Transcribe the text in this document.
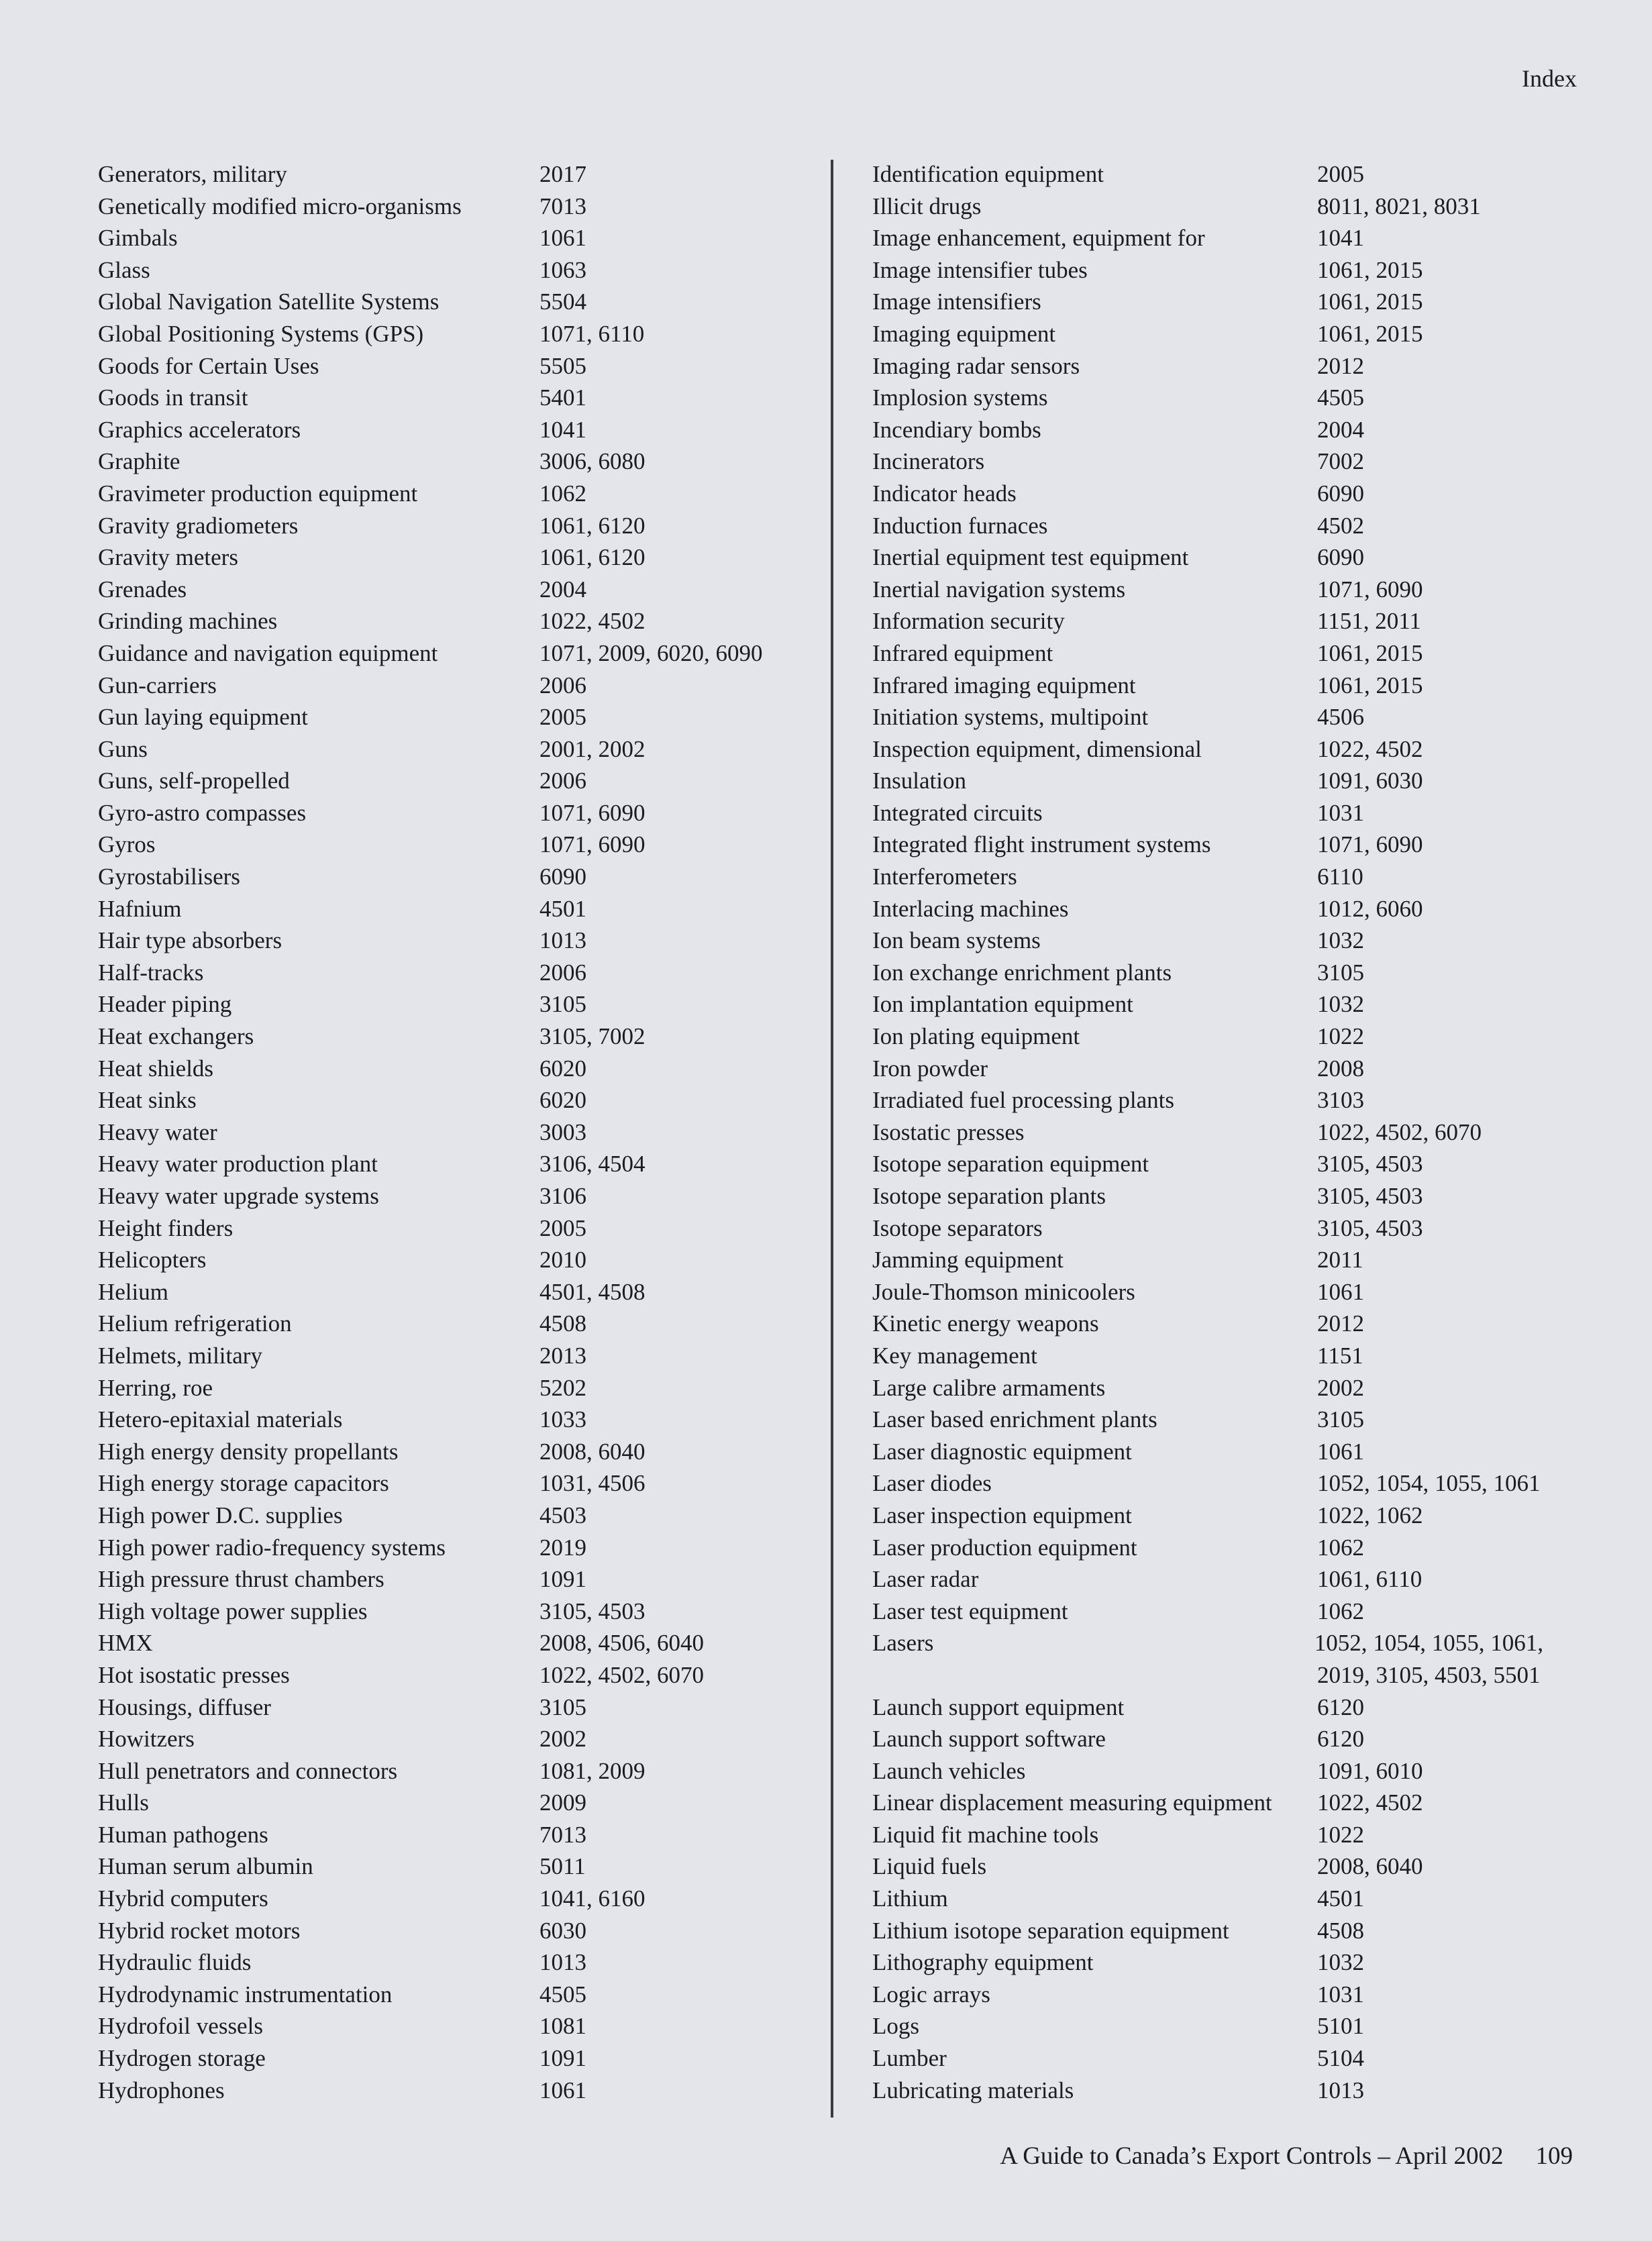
Index
Generators, military	2017
Genetically modified micro-organisms	7013
Gimbals	1061
Glass	1063
Global Navigation Satellite Systems	5504
Global Positioning Systems (GPS)	1071, 6110
Goods for Certain Uses	5505
Goods in transit	5401
Graphics accelerators	1041
Graphite	3006, 6080
Gravimeter production equipment	1062
Gravity gradiometers	1061, 6120
Gravity meters	1061, 6120
Grenades	2004
Grinding machines	1022, 4502
Guidance and navigation equipment	1071, 2009, 6020, 6090
Gun-carriers	2006
Gun laying equipment	2005
Guns	2001, 2002
Guns, self-propelled	2006
Gyro-astro compasses	1071, 6090
Gyros	1071, 6090
Gyrostabilisers	6090
Hafnium	4501
Hair type absorbers	1013
Half-tracks	2006
Header piping	3105
Heat exchangers	3105, 7002
Heat shields	6020
Heat sinks	6020
Heavy water	3003
Heavy water production plant	3106, 4504
Heavy water upgrade systems	3106
Height finders	2005
Helicopters	2010
Helium	4501, 4508
Helium refrigeration	4508
Helmets, military	2013
Herring, roe	5202
Hetero-epitaxial materials	1033
High energy density propellants	2008, 6040
High energy storage capacitors	1031, 4506
High power D.C. supplies	4503
High power radio-frequency systems	2019
High pressure thrust chambers	1091
High voltage power supplies	3105, 4503
HMX	2008, 4506, 6040
Hot isostatic presses	1022, 4502, 6070
Housings, diffuser	3105
Howitzers	2002
Hull penetrators and connectors	1081, 2009
Hulls	2009
Human pathogens	7013
Human serum albumin	5011
Hybrid computers	1041, 6160
Hybrid rocket motors	6030
Hydraulic fluids	1013
Hydrodynamic instrumentation	4505
Hydrofoil vessels	1081
Hydrogen storage	1091
Hydrophones	1061
Identification equipment	2005
Illicit drugs	8011, 8021, 8031
Image enhancement, equipment for	1041
Image intensifier tubes	1061, 2015
Image intensifiers	1061, 2015
Imaging equipment	1061, 2015
Imaging radar sensors	2012
Implosion systems	4505
Incendiary bombs	2004
Incinerators	7002
Indicator heads	6090
Induction furnaces	4502
Inertial equipment test equipment	6090
Inertial navigation systems	1071, 6090
Information security	1151, 2011
Infrared equipment	1061, 2015
Infrared imaging equipment	1061, 2015
Initiation systems, multipoint	4506
Inspection equipment, dimensional	1022, 4502
Insulation	1091, 6030
Integrated circuits	1031
Integrated flight instrument systems	1071, 6090
Interferometers	6110
Interlacing machines	1012, 6060
Ion beam systems	1032
Ion exchange enrichment plants	3105
Ion implantation equipment	1032
Ion plating equipment	1022
Iron powder	2008
Irradiated fuel processing plants	3103
Isostatic presses	1022, 4502, 6070
Isotope separation equipment	3105, 4503
Isotope separation plants	3105, 4503
Isotope separators	3105, 4503
Jamming equipment	2011
Joule-Thomson minicoolers	1061
Kinetic energy weapons	2012
Key management	1151
Large calibre armaments	2002
Laser based enrichment plants	3105
Laser diagnostic equipment	1061
Laser diodes	1052, 1054, 1055, 1061
Laser inspection equipment	1022, 1062
Laser production equipment	1062
Laser radar	1061, 6110
Laser test equipment	1062
Lasers	1052, 1054, 1055, 1061,
2019, 3105, 4503, 5501
Launch support equipment	6120
Launch support software	6120
Launch vehicles	1091, 6010
Linear displacement measuring equipment	1022, 4502
Liquid fit machine tools	1022
Liquid fuels	2008, 6040
Lithium	4501
Lithium isotope separation equipment	4508
Lithography equipment	1032
Logic arrays	1031
Logs	5101
Lumber	5104
Lubricating materials	1013
A Guide to Canada’s Export Controls – April 2002 109
